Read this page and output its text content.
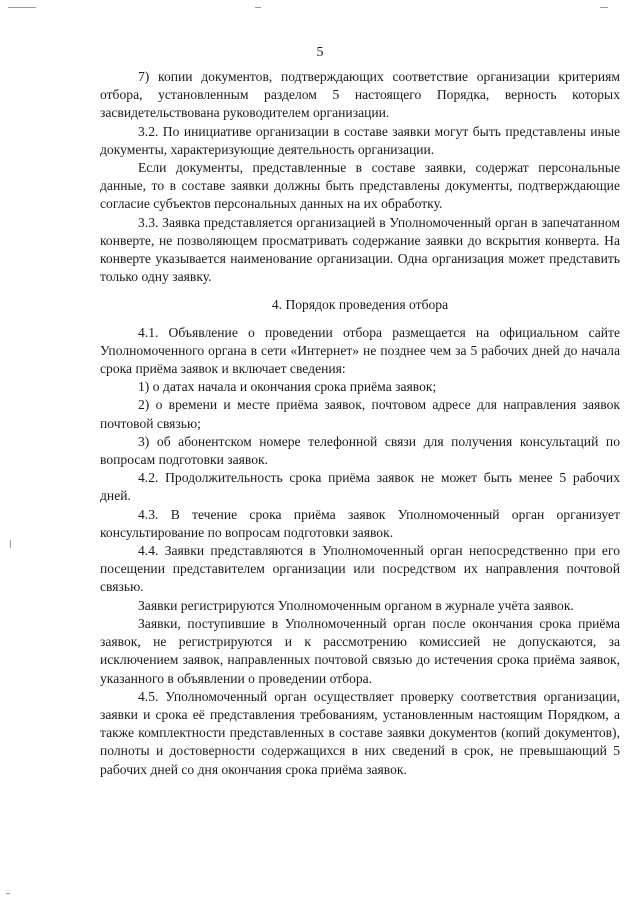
5

7) копии документов, подтверждающих соответствие организации критериям отбора, установленным разделом 5 настоящего Порядка, верность которых засвидетельствована руководителем организации.

3.2. По инициативе организации в составе заявки могут быть представлены иные документы, характеризующие деятельность организации.

Если документы, представленные в составе заявки, содержат персональные данные, то в составе заявки должны быть представлены документы, подтверждающие согласие субъектов персональных данных на их обработку.

3.3. Заявка представляется организацией в Уполномоченный орган в запечатанном конверте, не позволяющем просматривать содержание заявки до вскрытия конверта. На конверте указывается наименование организации. Одна организация может представить только одну заявку.

4. Порядок проведения отбора

4.1. Объявление о проведении отбора размещается на официальном сайте Уполномоченного органа в сети «Интернет» не позднее чем за 5 рабочих дней до начала срока приёма заявок и включает сведения:

1) о датах начала и окончания срока приёма заявок;

2) о времени и месте приёма заявок, почтовом адресе для направления заявок почтовой связью;

3) об абонентском номере телефонной связи для получения консультаций по вопросам подготовки заявок.

4.2. Продолжительность срока приёма заявок не может быть менее 5 рабочих дней.

4.3. В течение срока приёма заявок Уполномоченный орган организует консультирование по вопросам подготовки заявок.

4.4. Заявки представляются в Уполномоченный орган непосредственно при его посещении представителем организации или посредством их направления почтовой связью.

Заявки регистрируются Уполномоченным органом в журнале учёта заявок.

Заявки, поступившие в Уполномоченный орган после окончания срока приёма заявок, не регистрируются и к рассмотрению комиссией не допускаются, за исключением заявок, направленных почтовой связью до истечения срока приёма заявок, указанного в объявлении о проведении отбора.

4.5. Уполномоченный орган осуществляет проверку соответствия организации, заявки и срока её представления требованиям, установленным настоящим Порядком, а также комплектности представленных в составе заявки документов (копий документов), полноты и достоверности содержащихся в них сведений в срок, не превышающий 5 рабочих дней со дня окончания срока приёма заявок.
